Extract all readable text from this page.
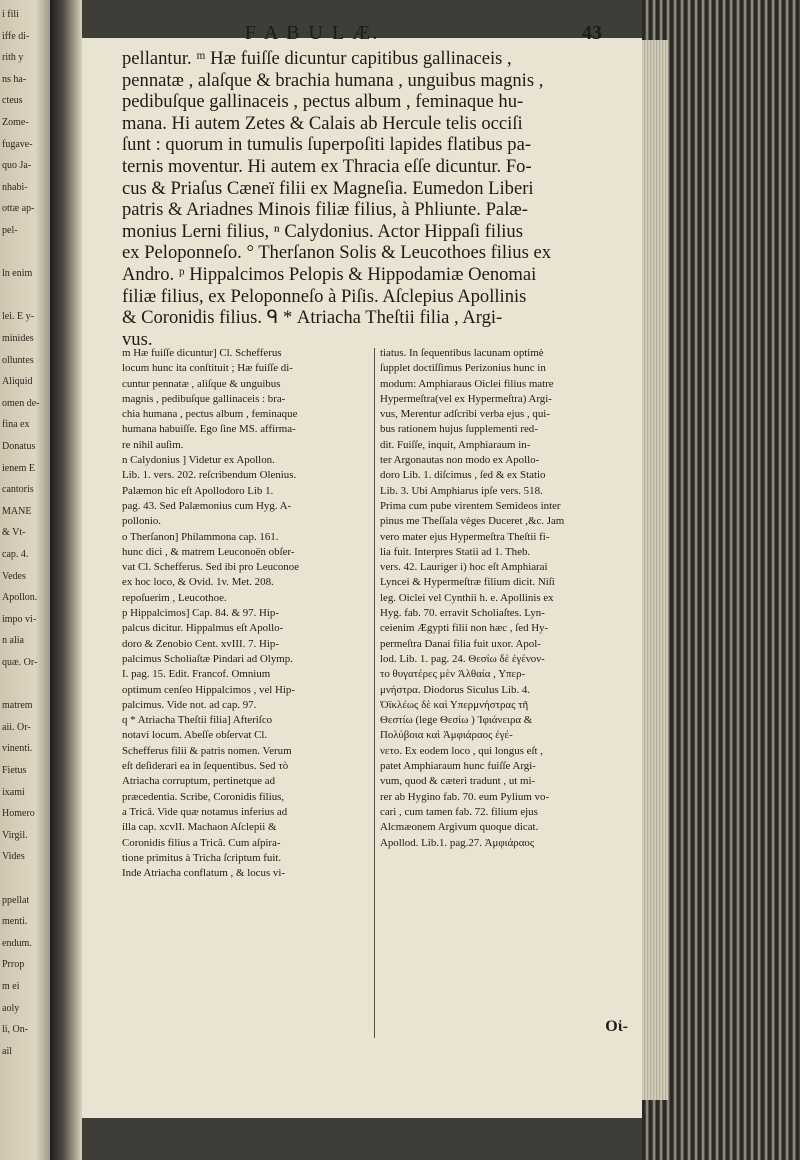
i fili
iffe di-
rith y
ns ha-
cteus
Zome-
fugave-
quo Ja-
nhabi-
ottæ ap-
pel-
ln enim
lei. E y-
minides
olluntes
Aliquid
omen de-
fina ex
Donatus
ienem E
cantoris
MANE
& Vt-
cap. 4.
Vedes
Apollon.
impo vi-
n alia
quæ. Or-
matrem
aii. Or-
vinenti.
Fietus
ixami
Homero
Virgil.
Vides
ppellat
menti.
endum.
Prrop
m ei
aoly
li, On-
ail
F A B U L Æ.	43
pellantur. ᵐ Hæ fuiſſe dicuntur capitibus gallinaceis ,
pennatæ , alaſque & brachia humana , unguibus magnis ,
pedibuſque gallinaceis , pectus album , feminaque hu-
mana. Hi autem Zetes & Calais ab Hercule telis occiſi
ſunt : quorum in tumulis ſuperpoſiti lapides flatibus pa-
ternis moventur. Hi autem ex Thracia eſſe dicuntur. Fo-
cus & Priaſus Cæneï filii ex Magneſia. Eumedon Liberi
patris & Ariadnes Minois filiæ filius, à Phliunte. Palæ-
monius Lerni filius, ⁿ Calydonius. Actor Hippaſi filius
ex Peloponneſo. ° Therſanon Solis & Leucothoes filius ex
Andro. ᵖ Hippalcimos Pelopis & Hippodamiæ Oenomai
filiæ filius, ex Peloponneſo à Piſis. Aſclepius Apollinis
& Coronidis filius. ᑫ * Atriacha Theſtii filia , Argi-
vus.
m Hæ fuiſſe dicuntur] Cl. Schefferus
locum hunc ita conſtituit ; Hæ fuiſſe di-
cuntur pennatæ , aliſque & unguibus
magnis , pedibuſque gallinaceis : bra-
chia humana , pectus album , feminaque
humana habuiſſe. Ego ſine MS. affirma-
re nihil auſim.
n Calydonius ] Videtur ex Apollon.
Lib. 1. vers. 202. reſcribendum Olenius.
Palæmon hic eſt Apollodoro Lib 1.
pag. 43. Sed Palæmonius cum Hyg. A-
pollonio.
o Therſanon] Philammona cap. 161.
hunc dici , & matrem Leuconoën obſer-
vat Cl. Schefferus. Sed ibi pro Leuconoe
ex hoc loco, & Ovid. 1v. Met. 208.
repoſuerim , Leucothoe.
p Hippalcimos] Cap. 84. & 97. Hip-
palcus dicitur. Hippalmus eſt Apollo-
doro & Zenobio Cent. xvIII. 7. Hip-
palcimus Scholiaſtæ Pindari ad Olymp.
I. pag. 15. Edit. Francof. Omnium
optimum cenſeo Hippalcimos , vel Hip-
palcimus. Vide not. ad cap. 97.
q * Atriacha Theſtii filia] Afteriſco
notavi locum. Abeſſe obſervat Cl.
Schefferus filii & patris nomen. Verum
eſt deſiderari ea in ſequentibus. Sed τὸ
Atriacha corruptum, pertinetque ad
præcedentia. Scribe, Coronidis filius,
a Tricâ. Vide quæ notamus inferius ad
illa cap. xcvII. Machaon Aſclepii &
Coronidis filius a Tricâ. Cum aſpira-
tione primitus à Tricha ſcriptum fuit.
Inde Atriacha conflatum , & locus vi-
tiatus. In ſequentibus lacunam optimè
ſupplet doctiſſimus Perizonius hunc in
modum: Amphiaraus Oiclei filius matre
Hypermeſtra(vel ex Hypermeſtra) Argi-
vus, Merentur adſcribi verba ejus , qui-
bus rationem hujus ſupplementi red-
dit. Fuiſſe, inquit, Amphiaraum in-
ter Argonautas non modo ex Apollo-
doro Lib. 1. diſcimus , ſed & ex Statio
Lib. 3. Ubi Amphiarus ipſe vers. 518.
Prima cum pube virentem Semideos inter
pinus me Theſſala vèges Duceret ,&c. Jam
vero mater ejus Hypermeſtra Theſtii fi-
lia fuit. Interpres Statii ad 1. Theb.
vers. 42. Lauriger i) hoc eſt Amphiarai
Lyncei & Hypermeſtræ filium dicit. Niſi
leg. Oiclei vel Cynthii h. e. Apollinis ex
Hyg. fab. 70. erravit Scholiaſtes. Lyn-
ceienim Ægypti filii non hæc , ſed Hy-
permeſtra Danai filia fuit uxor. Apol-
lod. Lib. 1. pag. 24. Θεσίω δὲ ἐγένον-
το θυγατέρες μὲν Ἀλθαία , Υπερ-
μνήστρα. Diodorus Siculus Lib. 4.
Ὀϊκλέως δὲ καὶ Υπερμνήστρας τῆ
Θεστίω (lege Θεσίω ) Ἰφιάνειρα &
Πολύβοια καὶ Ἀμφιάραος ἐγέ-
νετο. Ex eodem loco , qui longus eſt ,
patet Amphiaraum hunc fuiſſe Argi-
vum, quod & cæteri tradunt , ut mi-
rer ab Hygino fab. 70. eum Pylium vo-
cari , cum tamen fab. 72. filium ejus
Alcmæonem Argivum quoque dicat.
Apollod. Lib.1. pag.27. Ἀμφιάραος
Οἰ-
